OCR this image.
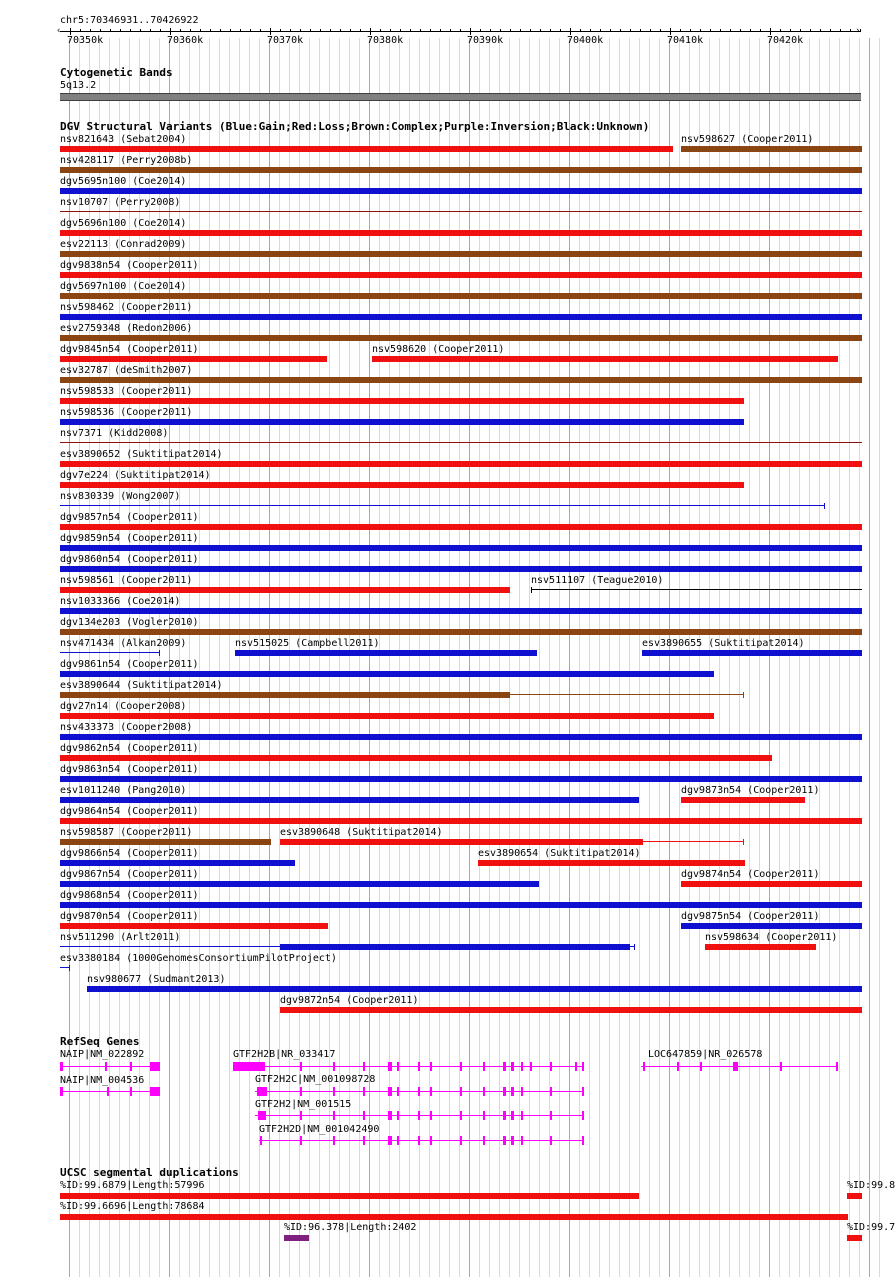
chr5:70346931..70426922
‹	›
70350k	70360k	70370k	70380k	70390k	70400k	70410k	70420k
Cytogenetic Bands
5q13.2
DGV Structural Variants (Blue:Gain;Red:Loss;Brown:Complex;Purple:Inversion;Black:Unknown)
nsv821643 (Sebat2004)	nsv598627 (Cooper2011)
nsv428117 (Perry2008b)
dgv5695n100 (Coe2014)
nsv10707 (Perry2008)
dgv5696n100 (Coe2014)
esv22113 (Conrad2009)
dgv9838n54 (Cooper2011)
dgv5697n100 (Coe2014)
nsv598462 (Cooper2011)
esv2759348 (Redon2006)
dgv9845n54 (Cooper2011)	nsv598620 (Cooper2011)
esv32787 (deSmith2007)
nsv598533 (Cooper2011)
nsv598536 (Cooper2011)
nsv7371 (Kidd2008)
esv3890652 (Suktitipat2014)
dgv7e224 (Suktitipat2014)
nsv830339 (Wong2007)
dgv9857n54 (Cooper2011)
dgv9859n54 (Cooper2011)
dgv9860n54 (Cooper2011)
nsv598561 (Cooper2011)	nsv511107 (Teague2010)
nsv1033366 (Coe2014)
dgv134e203 (Vogler2010)
nsv471434 (Alkan2009)	nsv515025 (Campbell2011)	esv3890655 (Suktitipat2014)
dgv9861n54 (Cooper2011)
esv3890644 (Suktitipat2014)
dgv27n14 (Cooper2008)
nsv433373 (Cooper2008)
dgv9862n54 (Cooper2011)
dgv9863n54 (Cooper2011)
esv1011240 (Pang2010)	dgv9873n54 (Cooper2011)
dgv9864n54 (Cooper2011)
nsv598587 (Cooper2011)	esv3890648 (Suktitipat2014)
dgv9866n54 (Cooper2011)	esv3890654 (Suktitipat2014)
dgv9867n54 (Cooper2011)	dgv9874n54 (Cooper2011)
dgv9868n54 (Cooper2011)
dgv9870n54 (Cooper2011)	dgv9875n54 (Cooper2011)
nsv511290 (Arlt2011)	nsv598634 (Cooper2011)
esv3380184 (1000GenomesConsortiumPilotProject)
nsv980677 (Sudmant2013)
dgv9872n54 (Cooper2011)
RefSeq Genes
NAIP|NM_022892
NAIP|NM_004536
GTF2H2B|NR_033417
GTF2H2C|NM_001098728
GTF2H2|NM_001515
GTF2H2D|NM_001042490
LOC647859|NR_026578
UCSC segmental duplications
%ID:99.6879|Length:57996
%ID:99.6696|Length:78684
%ID:96.378|Length:2402
%ID:99.8
%ID:99.7
